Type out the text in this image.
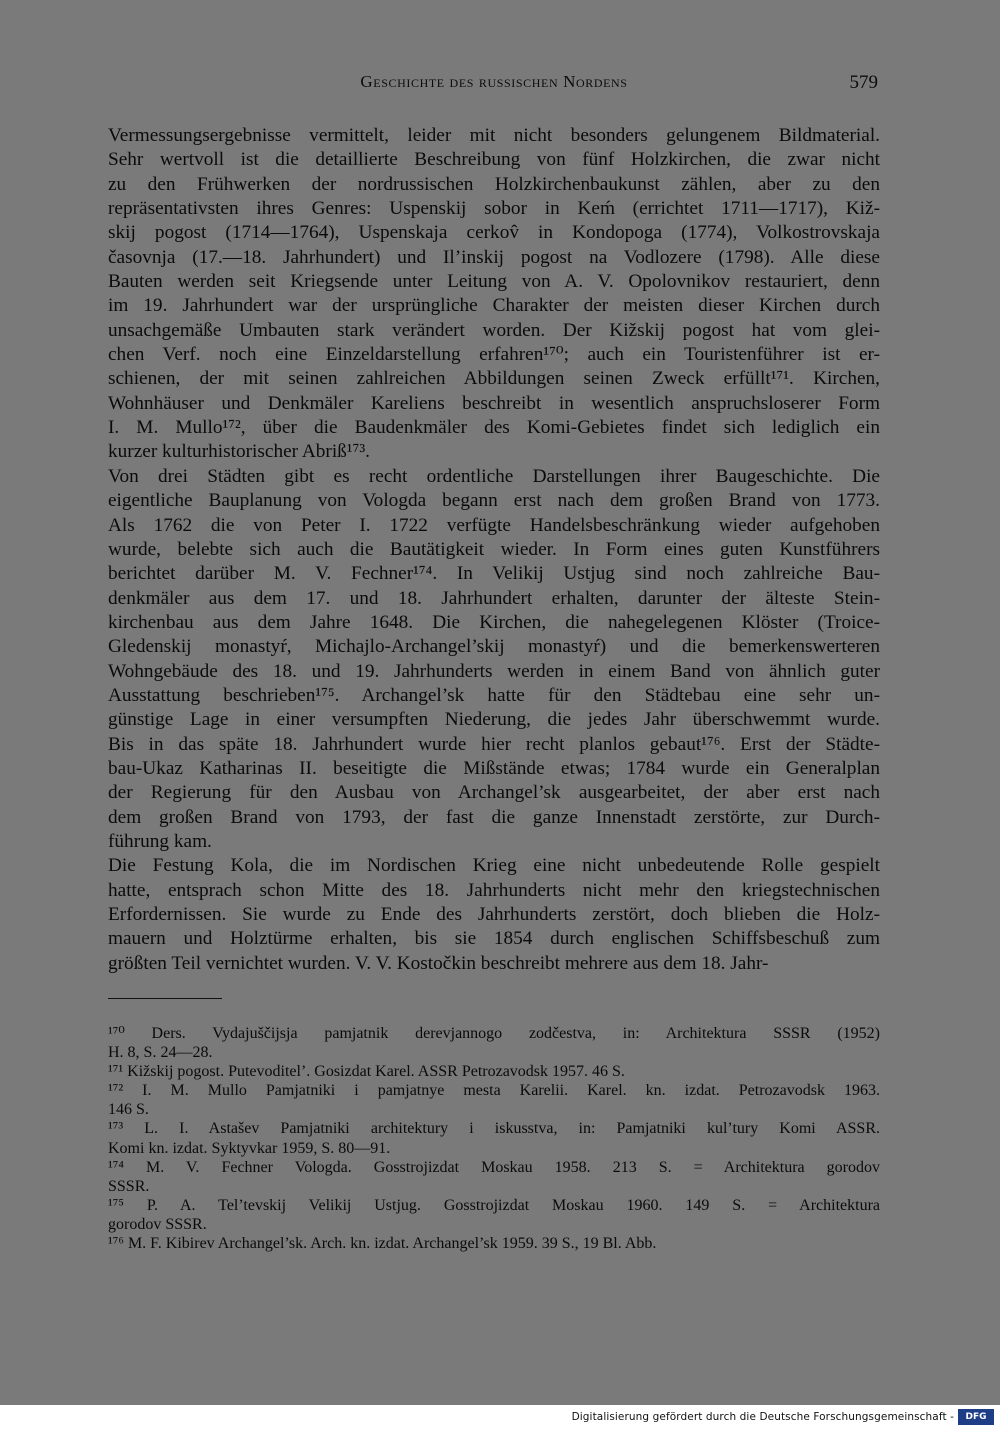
Geschichte des russischen Nordens	579
Vermessungsergebnisse vermittelt, leider mit nicht besonders gelungenem Bildmaterial.
Sehr wertvoll ist die detaillierte Beschreibung von fünf Holzkirchen, die zwar nicht
zu den Frühwerken der nordrussischen Holzkirchenbaukunst zählen, aber zu den
repräsentativsten ihres Genres: Uspenskij sobor in Keḿ (errichtet 1711—1717), Kiž-
skij pogost (1714—1764), Uspenskaja cerkov̂ in Kondopoga (1774), Volkostrovskaja
časovnja (17.—18. Jahrhundert) und Il’inskij pogost na Vodlozere (1798). Alle diese
Bauten werden seit Kriegsende unter Leitung von A. V. Opolovnikov restauriert, denn
im 19. Jahrhundert war der ursprüngliche Charakter der meisten dieser Kirchen durch
unsachgemäße Umbauten stark verändert worden. Der Kižskij pogost hat vom glei-
chen Verf. noch eine Einzeldarstellung erfahren¹⁷⁰; auch ein Touristenführer ist er-
schienen, der mit seinen zahlreichen Abbildungen seinen Zweck erfüllt¹⁷¹. Kirchen,
Wohnhäuser und Denkmäler Kareliens beschreibt in wesentlich anspruchsloserer Form
I. M. Mullo¹⁷², über die Baudenkmäler des Komi-Gebietes findet sich lediglich ein
kurzer kulturhistorischer Abriß¹⁷³.
Von drei Städten gibt es recht ordentliche Darstellungen ihrer Baugeschichte. Die
eigentliche Bauplanung von Vologda begann erst nach dem großen Brand von 1773.
Als 1762 die von Peter I. 1722 verfügte Handelsbeschränkung wieder aufgehoben
wurde, belebte sich auch die Bautätigkeit wieder. In Form eines guten Kunstführers
berichtet darüber M. V. Fechner¹⁷⁴. In Velikij Ustjug sind noch zahlreiche Bau-
denkmäler aus dem 17. und 18. Jahrhundert erhalten, darunter der älteste Stein-
kirchenbau aus dem Jahre 1648. Die Kirchen, die nahegelegenen Klöster (Troice-
Gledenskij monastyŕ, Michajlo-Archangel’skij monastyŕ) und die bemerkenswerteren
Wohngebäude des 18. und 19. Jahrhunderts werden in einem Band von ähnlich guter
Ausstattung beschrieben¹⁷⁵. Archangel’sk hatte für den Städtebau eine sehr un-
günstige Lage in einer versumpften Niederung, die jedes Jahr überschwemmt wurde.
Bis in das späte 18. Jahrhundert wurde hier recht planlos gebaut¹⁷⁶. Erst der Städte-
bau-Ukaz Katharinas II. beseitigte die Mißstände etwas; 1784 wurde ein Generalplan
der Regierung für den Ausbau von Archangel’sk ausgearbeitet, der aber erst nach
dem großen Brand von 1793, der fast die ganze Innenstadt zerstörte, zur Durch-
führung kam.
Die Festung Kola, die im Nordischen Krieg eine nicht unbedeutende Rolle gespielt
hatte, entsprach schon Mitte des 18. Jahrhunderts nicht mehr den kriegstechnischen
Erfordernissen. Sie wurde zu Ende des Jahrhunderts zerstört, doch blieben die Holz-
mauern und Holztürme erhalten, bis sie 1854 durch englischen Schiffsbeschuß zum
größten Teil vernichtet wurden. V. V. Kostočkin beschreibt mehrere aus dem 18. Jahr-
¹⁷⁰ Ders. Vydajuščijsja pamjatnik derevjannogo zodčestva, in: Architektura SSSR (1952)
H. 8, S. 24—28.
¹⁷¹ Kižskij pogost. Putevoditel’. Gosizdat Karel. ASSR Petrozavodsk 1957. 46 S.
¹⁷² I. M. Mullo Pamjatniki i pamjatnye mesta Karelii. Karel. kn. izdat. Petrozavodsk 1963.
146 S.
¹⁷³ L. I. Astašev Pamjatniki architektury i iskusstva, in: Pamjatniki kul’tury Komi ASSR.
Komi kn. izdat. Syktyvkar 1959, S. 80—91.
¹⁷⁴ M. V. Fechner Vologda. Gosstrojizdat Moskau 1958. 213 S. = Architektura gorodov
SSSR.
¹⁷⁵ P. A. Tel’tevskij Velikij Ustjug. Gosstrojizdat Moskau 1960. 149 S. = Architektura
gorodov SSSR.
¹⁷⁶ M. F. Kibirev Archangel’sk. Arch. kn. izdat. Archangel’sk 1959. 39 S., 19 Bl. Abb.
Digitalisierung gefördert durch die Deutsche Forschungsgemeinschaft -	DFG
